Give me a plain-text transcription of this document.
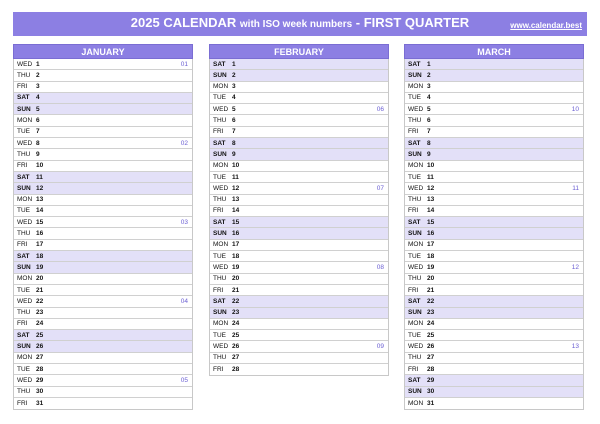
2025 CALENDAR with ISO week numbers - FIRST QUARTER	www.calendar.best
JANUARY
WED 1	01
THU 2
FRI	3
SAT 4
SUN 5
MON 6
TUE 7
WED 8	02
THU 9
FRI	10
SAT 11
SUN 12
MON 13
TUE 14
WED 15	03
THU 16
FRI	17
SAT 18
SUN 19
MON 20
TUE 21
WED 22	04
THU 23
FRI	24
SAT 25
SUN 26
MON 27
TUE 28
WED 29	05
THU 30
FRI	31
FEBRUARY
SAT 1
SUN 2
MON 3
TUE 4
WED 5	06
THU 6
FRI	7
SAT 8
SUN 9
MON 10
TUE 11
WED 12	07
THU 13
FRI	14
SAT 15
SUN 16
MON 17
TUE 18
WED 19	08
THU 20
FRI	21
SAT 22
SUN 23
MON 24
TUE 25
WED 26	09
THU 27
FRI	28
MARCH
SAT 1
SUN 2
MON 3
TUE 4
WED 5	10
THU 6
FRI	7
SAT 8
SUN 9
MON 10
TUE 11
WED 12	11
THU 13
FRI	14
SAT 15
SUN 16
MON 17
TUE 18
WED 19	12
THU 20
FRI	21
SAT 22
SUN 23
MON 24
TUE 25
WED 26	13
THU 27
FRI	28
SAT 29
SUN 30
MON 31
